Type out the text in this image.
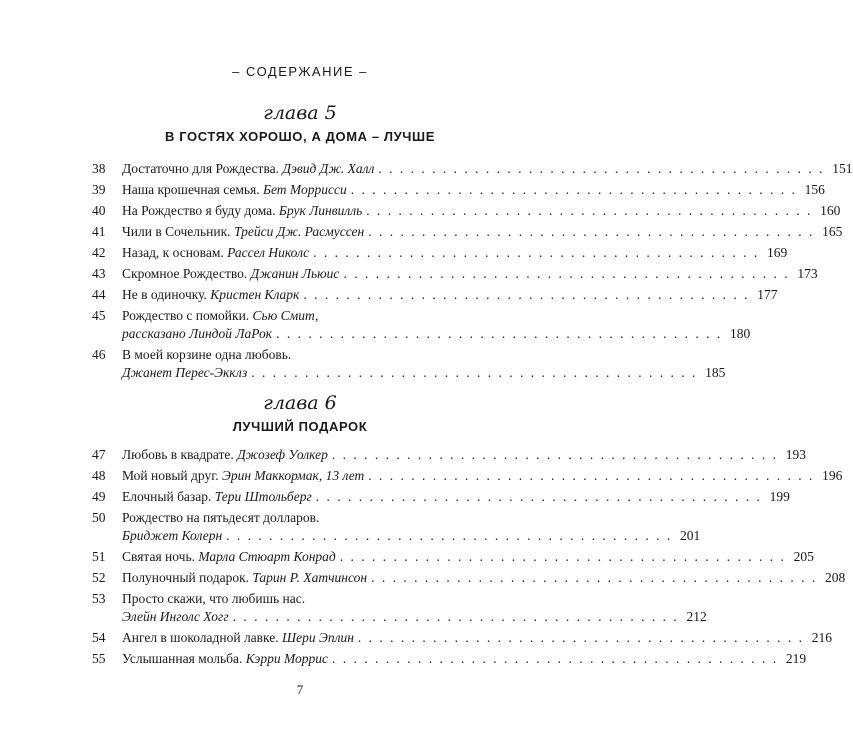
– СОДЕРЖАНИЕ –
глава 5
В ГОСТЯХ ХОРОШО, А ДОМА – ЛУЧШЕ
38	Достаточно для Рождества.
Дэвид Дж. Халл . . . . . . . . . . . . . . . . . . . . . . . . . . . . . . . . . . . . . . . . . . 151
39	Наша крошечная семья.
Бет Моррисси . . . . . . . . . . . . . . . . . . . . . . . . . . . . . . . . . . . . . . . . . . 156
40	На Рождество я буду дома.
Брук Линвилль . . . . . . . . . . . . . . . . . . . . . . . . . . . . . . . . . . . . . . . . . . 160
41	Чили в Сочельник.
Трейси Дж. Расмуссен . . . . . . . . . . . . . . . . . . . . . . . . . . . . . . . . . . . . . . . . . . 165
42	Назад, к основам.
Рассел Николс . . . . . . . . . . . . . . . . . . . . . . . . . . . . . . . . . . . . . . . . . . 169
43	Скромное Рождество.
Джанин Льюис . . . . . . . . . . . . . . . . . . . . . . . . . . . . . . . . . . . . . . . . . . 173
44	Не в одиночку.
Кристен Кларк . . . . . . . . . . . . . . . . . . . . . . . . . . . . . . . . . . . . . . . . . . 177
45	Рождество с помойки.
Сью Смит,
рассказано Линдой ЛаРок . . . . . . . . . . . . . . . . . . . . . . . . . . . . . . . . . . . . . . . . . . 180
46	В моей корзине одна любовь.
Джанет Перес-Экклз . . . . . . . . . . . . . . . . . . . . . . . . . . . . . . . . . . . . . . . . . . 185
глава 6
ЛУЧШИЙ ПОДАРОК
47	Любовь в квадрате.
Джозеф Уолкер . . . . . . . . . . . . . . . . . . . . . . . . . . . . . . . . . . . . . . . . . . 193
48	Мой новый друг.
Эрин Маккормак, 13 лет . . . . . . . . . . . . . . . . . . . . . . . . . . . . . . . . . . . . . . . . . . 196
49	Елочный базар.
Тери Штольберг . . . . . . . . . . . . . . . . . . . . . . . . . . . . . . . . . . . . . . . . . . 199
50	Рождество на пятьдесят долларов.
Бриджет Колерн . . . . . . . . . . . . . . . . . . . . . . . . . . . . . . . . . . . . . . . . . . 201
51	Святая ночь.
Марла Стюарт Конрад . . . . . . . . . . . . . . . . . . . . . . . . . . . . . . . . . . . . . . . . . . 205
52	Полуночный подарок.
Тарин Р. Хатчинсон . . . . . . . . . . . . . . . . . . . . . . . . . . . . . . . . . . . . . . . . . . 208
53	Просто скажи, что любишь нас.
Элейн Инголс Хогг . . . . . . . . . . . . . . . . . . . . . . . . . . . . . . . . . . . . . . . . . . 212
54	Ангел в шоколадной лавке.
Шери Эплин . . . . . . . . . . . . . . . . . . . . . . . . . . . . . . . . . . . . . . . . . . 216
55	Услышанная мольба.
Кэрри Моррис . . . . . . . . . . . . . . . . . . . . . . . . . . . . . . . . . . . . . . . . . . 219
7
